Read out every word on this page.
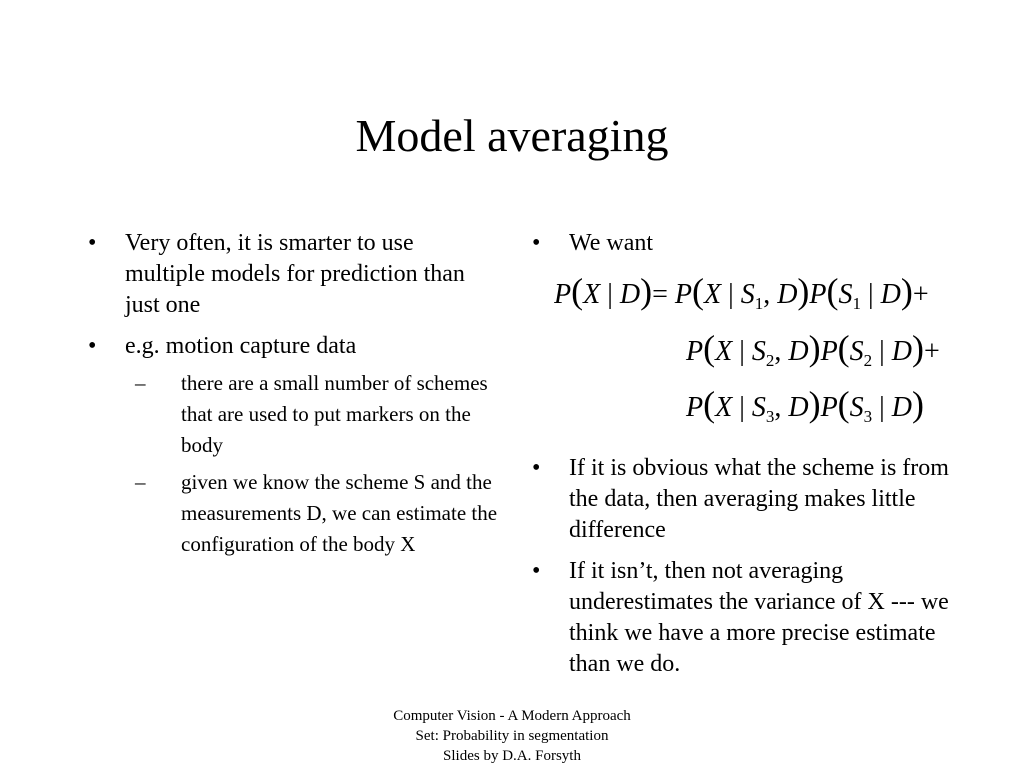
Model averaging
• Very often, it is smarter to use multiple models for prediction than just one
• e.g. motion capture data
– there are a small number of schemes that are used to put markers on the body
– given we know the scheme S and the measurements D, we can estimate the configuration of the body X
• We want
P(X | D)= P(X | $S_1$, $D)P(S_1$ | D)+
P(X | $S_2$, $D)P(S_2$ | D)+
P(X | $S_3$, $D)P(S_3$ | D)
• If it is obvious what the scheme is from the data, then averaging makes little difference
• If it isn’t, then not averaging underestimates the variance of X --- we think we have a more precise estimate than we do.
Computer Vision - A Modern Approach
Set: Probability in segmentation
Slides by D.A. Forsyth
